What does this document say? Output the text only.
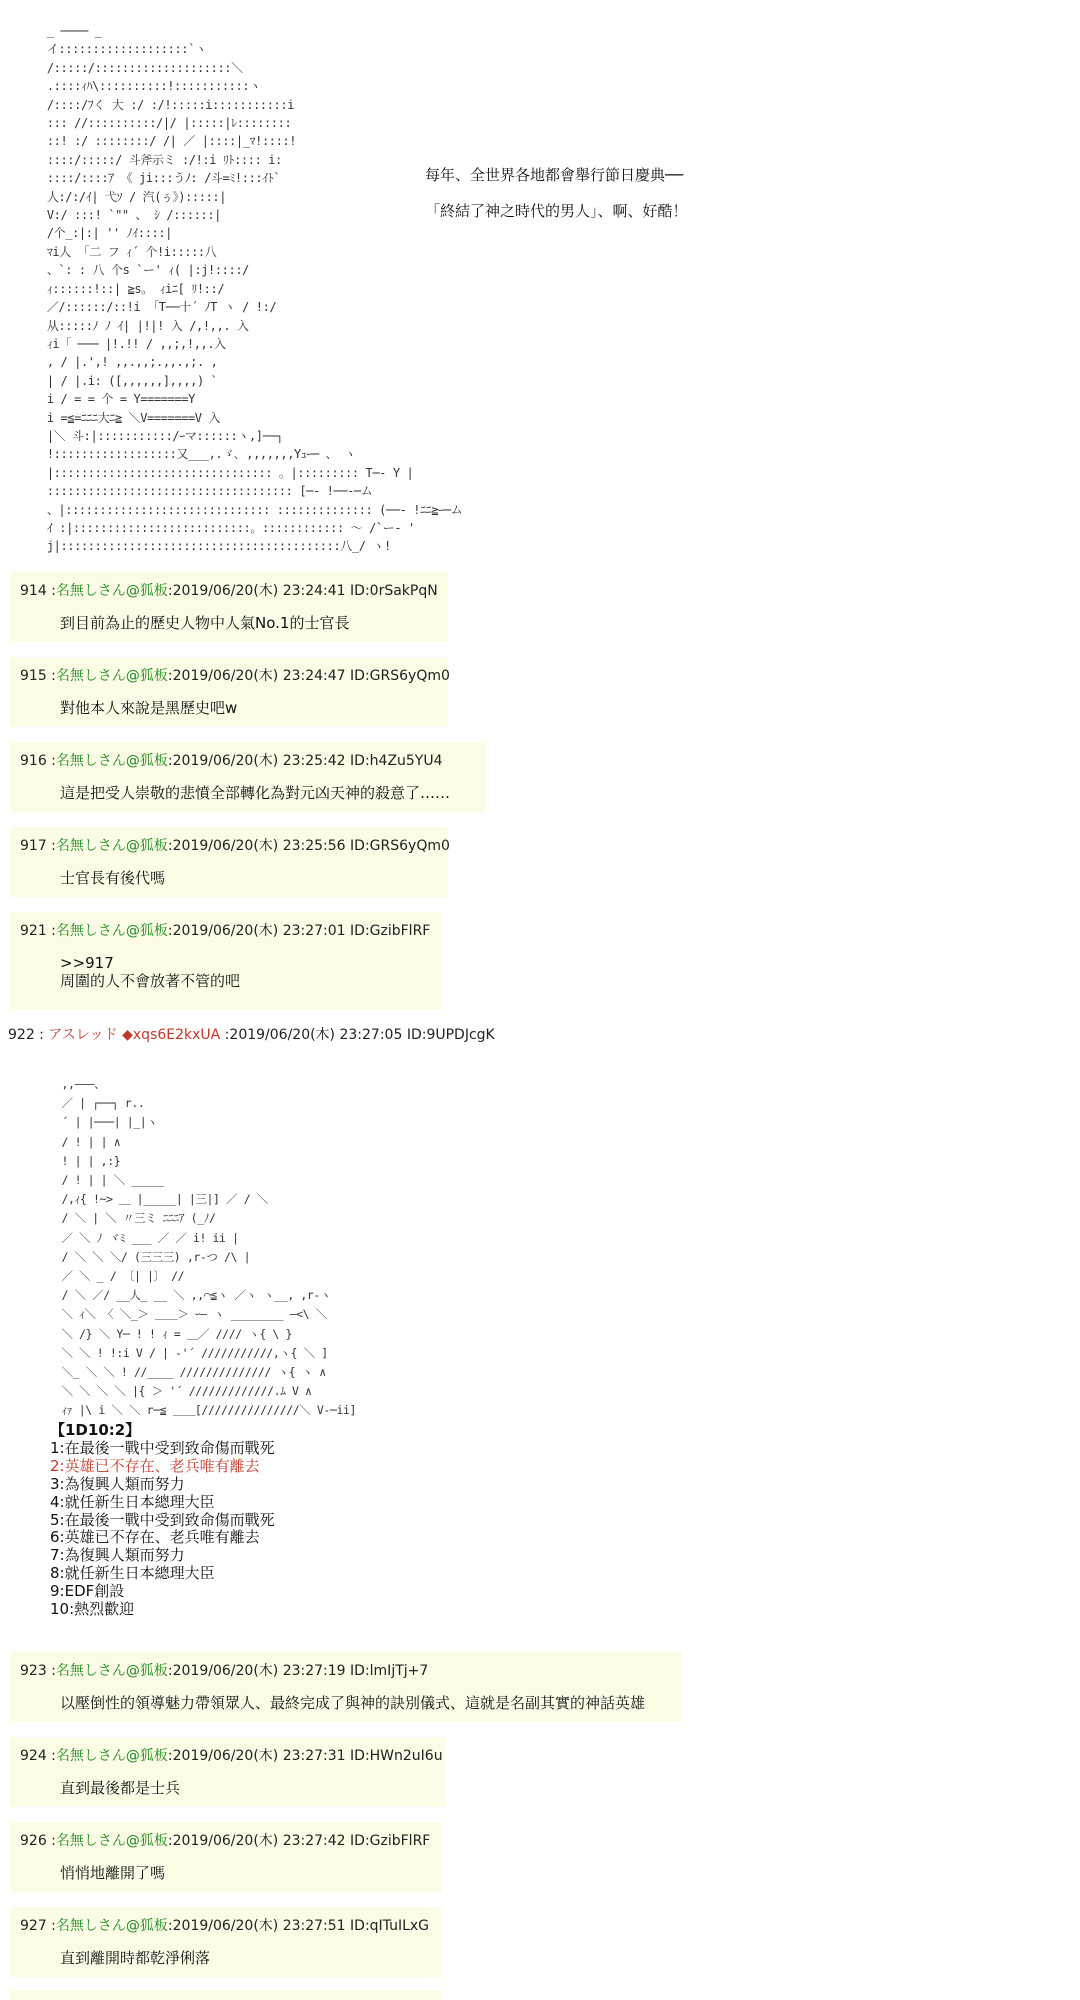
_ ──── _
イ:::::::::::::::::::`ヽ
/:::::/::::::::::::::::::::＼
.::::ｨﾊ\::::::::::!:::::::::::ヽ
/::::/ﾌく 大 :/ :/!:::::i:::::::::::i
::: //::::::::::/|/ |:::::|ﾚ::::::::
::! :/ ::::::::/ /| ／ |::::|_ﾏ!::::!
::::/:::::/ 斗斧示ミ :/!:i ﾘﾄ:::: i:
::::/::::ｱ 《 ji:::うﾉ: /斗=ﾐ!:::ｲﾄ`
人:/:/ｲ| 弋ｿ / 汽(ぅ》):::::|
V:/ :::! `"" 、 ｼ /::::::|
/个_:|:| '' ﾉｲ::::|
ﾏi人 「二 フ ｨ´ 个!i:::::八
、`: : 八 个s `ー' ｨ( |:j!::::/
ｨ::::::!::| ≧s。 ｨiﾆ[ ﾘ!::/
／/::::::/::!i 「T──十´ ﾉT ヽ / !:/
从:::::ﾉ ﾉ ｲ| |!|! 入 /,!,,. 入
ｨi「 ─── |!.!! / ,,;,!,,.入
, / |.',! ,,.,,;.,,.,;. ,
| / |.i: ([,,,,,,],,,,) `
i / = = 个 = Y=======Y
i =≦=ﾆﾆﾆ大ﾆ≧ ＼V=======V 入
|＼ 斗:|:::::::::::/ｰマ::::::ヽ,]──┐
!::::::::::::::::::又___,.ゞ､ ,,,,,,,Yｭｰ─ 、 ヽ
|:::::::::::::::::::::::::::::::: 。|::::::::: T─‐ Y |
:::::::::::::::::::::::::::::::::::: [─‐ !──‐─ム
、|:::::::::::::::::::::::::::::: :::::::::::::: (──‐ !ﾆﾆ≧ｰ─ム
ｲ :|::::::::::::::::::::::::::。:::::::::::: ～ /`ー‐ '
j|:::::::::::::::::::::::::::::::::::::::::八_/ ヽ!
每年、全世界各地都會舉行節日慶典──
「終結了神之時代的男人」、啊、好酷！
914 :名無しさん@狐板:2019/06/20(木) 23:24:41 ID:0rSakPqN
到目前為止的歷史人物中人氣No.1的士官長
915 :名無しさん@狐板:2019/06/20(木) 23:24:47 ID:GRS6yQm0
對他本人來說是黑歷史吧w
916 :名無しさん@狐板:2019/06/20(木) 23:25:42 ID:h4Zu5YU4
這是把受人崇敬的悲憤全部轉化為對元凶天神的殺意了……
917 :名無しさん@狐板:2019/06/20(木) 23:25:56 ID:GRS6yQm0
士官長有後代嗎
921 :名無しさん@狐板:2019/06/20(木) 23:27:01 ID:GzibFlRF
>>917
周圍的人不會放著不管的吧
922 : アスレッド ◆xqs6E2kxUA :2019/06/20(木) 23:27:05 ID:9UPDJcgK
,,―――、
／ | ┌──┐ r..
´ | |───| |_|ヽ
/ ! | | ∧
! | | ,:}
/ ! | | ＼ _____
/,ｨ{ !~> ＿ |_____| |三|] ／ / ＼
/ ＼ | ＼ 〃三ミ ﾆﾆﾆｱ (_ﾉ/
／ ＼ ﾉ ヾﾐ ___ ／ ／ i! ii |
/ ＼ ＼ ＼/ (三三三) ,r‐つ /\ |
／ ＼ _ / 〔| |〕 //
/ ＼ ／/ __人_ __ ＼ ,,⌒≦ヽ ／ヽ ヽ__, ,r‐ヽ
＼ ｨ＼ 〈 ＼_＞ ＿＿＞ ｰ― ヽ ________ ―<\ ＼
＼ /} ＼ Y─ ! ! ｨ = ＿／ //// ヽ{ \ }
＼ ＼ ! !:i V / | ‐'´ ///////////,ヽ{ ＼ ]
＼_ ＼ ＼ ! //____ ////////////// ヽ{ ヽ ∧
＼ ＼ ＼ ＼ |{ ＞ '´ /////////////.ﾑ V ∧
ｨｧ |\ i ＼ ＼ r─≦ ＿＿[///////////////＼ V‐─ii]
【1D10:2】
1:在最後一戰中受到致命傷而戰死
2:英雄已不存在、老兵唯有離去
3:為復興人類而努力
4:就任新生日本總理大臣
5:在最後一戰中受到致命傷而戰死
6:英雄已不存在、老兵唯有離去
7:為復興人類而努力
8:就任新生日本總理大臣
9:EDF創設
10:熱烈歡迎
923 :名無しさん@狐板:2019/06/20(木) 23:27:19 ID:lmIjTj+7
以壓倒性的領導魅力帶領眾人、最終完成了與神的訣別儀式、這就是名副其實的神話英雄
924 :名無しさん@狐板:2019/06/20(木) 23:27:31 ID:HWn2uI6u
直到最後都是士兵
926 :名無しさん@狐板:2019/06/20(木) 23:27:42 ID:GzibFlRF
悄悄地離開了嗎
927 :名無しさん@狐板:2019/06/20(木) 23:27:51 ID:qITuILxG
直到離開時都乾淨俐落
